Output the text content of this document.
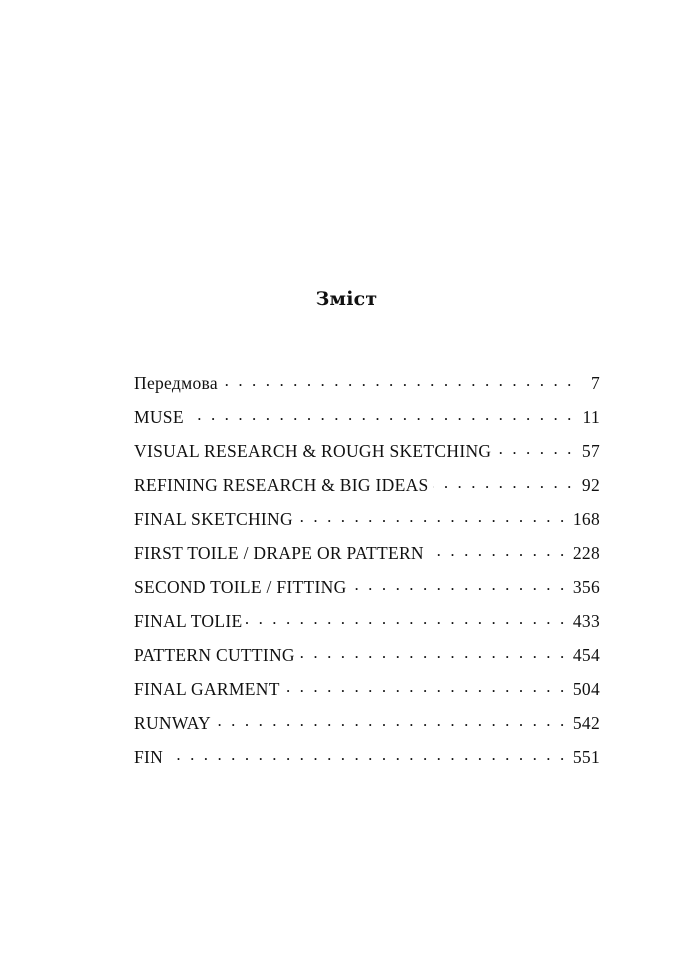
Зміст
Передмова . . .	7
MUSE . . .	11
VISUAL RESEARCH & ROUGH SKETCHING . . .	57
REFINING RESEARCH & BIG IDEAS . . .	92
FINAL SKETCHING . . .	168
FIRST TOILE / DRAPE OR PATTERN . . .	228
SECOND TOILE / FITTING . . .	356
FINAL TOLIE . . .	433
PATTERN CUTTING . . .	454
FINAL GARMENT . . .	504
RUNWAY . . .	542
FIN . . .	551
